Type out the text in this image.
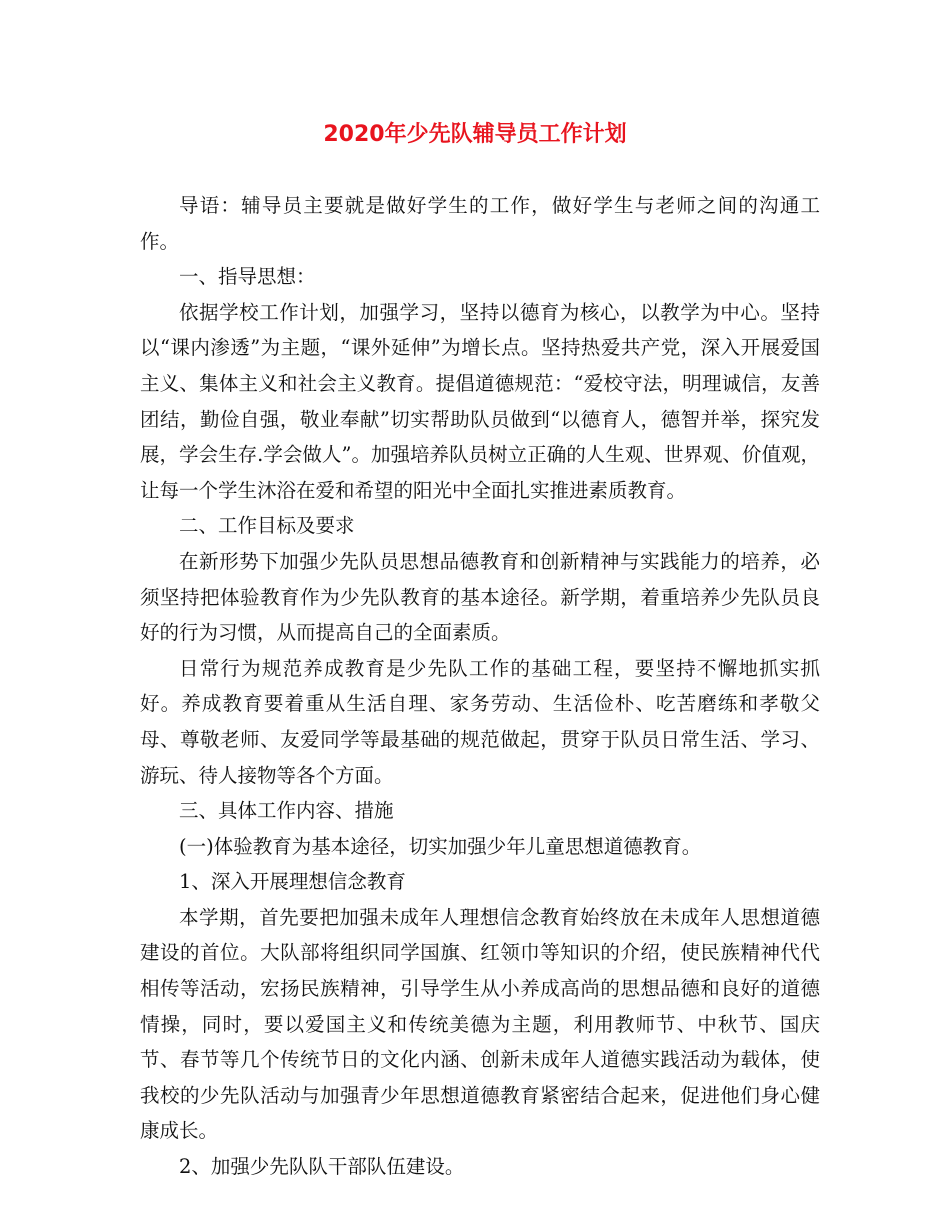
2020年少先队辅导员工作计划

导语：辅导员主要就是做好学生的工作，做好学生与老师之间的沟通工作。

一、指导思想：

依据学校工作计划，加强学习，坚持以德育为核心，以教学为中心。坚持以“课内渗透”为主题，“课外延伸”为增长点。坚持热爱共产党，深入开展爱国主义、集体主义和社会主义教育。提倡道德规范：“爱校守法，明理诚信，友善团结，勤俭自强，敬业奉献”切实帮助队员做到“以德育人，德智并举，探究发展，学会生存.学会做人”。加强培养队员树立正确的人生观、世界观、价值观，让每一个学生沐浴在爱和希望的阳光中全面扎实推进素质教育。

二、工作目标及要求

在新形势下加强少先队员思想品德教育和创新精神与实践能力的培养，必须坚持把体验教育作为少先队教育的基本途径。新学期，着重培养少先队员良好的行为习惯，从而提高自己的全面素质。

日常行为规范养成教育是少先队工作的基础工程，要坚持不懈地抓实抓好。养成教育要着重从生活自理、家务劳动、生活俭朴、吃苦磨练和孝敬父母、尊敬老师、友爱同学等最基础的规范做起，贯穿于队员日常生活、学习、游玩、待人接物等各个方面。

三、具体工作内容、措施

(一)体验教育为基本途径，切实加强少年儿童思想道德教育。

1、深入开展理想信念教育

本学期，首先要把加强未成年人理想信念教育始终放在未成年人思想道德建设的首位。大队部将组织同学国旗、红领巾等知识的介绍，使民族精神代代相传等活动，宏扬民族精神，引导学生从小养成高尚的思想品德和良好的道德情操，同时，要以爱国主义和传统美德为主题，利用教师节、中秋节、国庆节、春节等几个传统节日的文化内涵、创新未成年人道德实践活动为载体，使我校的少先队活动与加强青少年思想道德教育紧密结合起来，促进他们身心健康成长。

2、加强少先队队干部队伍建设。
